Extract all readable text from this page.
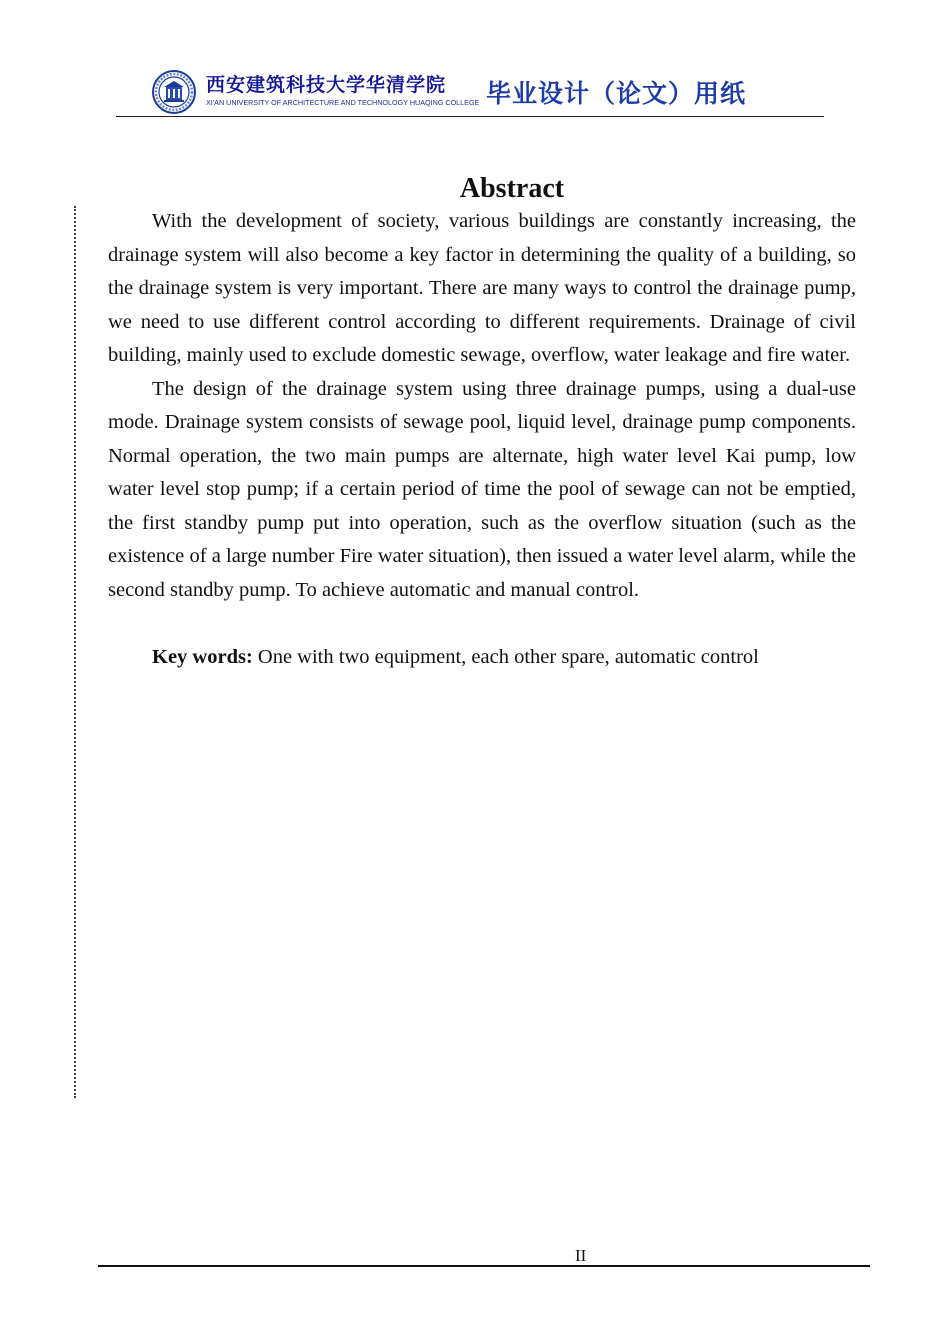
西安建筑科技大学华清学院
XI'AN UNIVERSITY OF ARCHITECTURE AND TECHNOLOGY HUAQING COLLEGE 毕业设计（论文）用纸
Abstract

With the development of society, various buildings are constantly increasing, the drainage system will also become a key factor in determining the quality of a building, so the drainage system is very important. There are many ways to control the drainage pump, we need to use different control according to different requirements. Drainage of civil building, mainly used to exclude domestic sewage, overflow, water leakage and fire water.

The design of the drainage system using three drainage pumps, using a dual-use mode. Drainage system consists of sewage pool, liquid level, drainage pump components. Normal operation, the two main pumps are alternate, high water level Kai pump, low water level stop pump; if a certain period of time the pool of sewage can not be emptied, the first standby pump put into operation, such as the overflow situation (such as the existence of a large number Fire water situation), then issued a water level alarm, while the second standby pump. To achieve automatic and manual control.

Key words: One with two equipment, each other spare, automatic control

II
